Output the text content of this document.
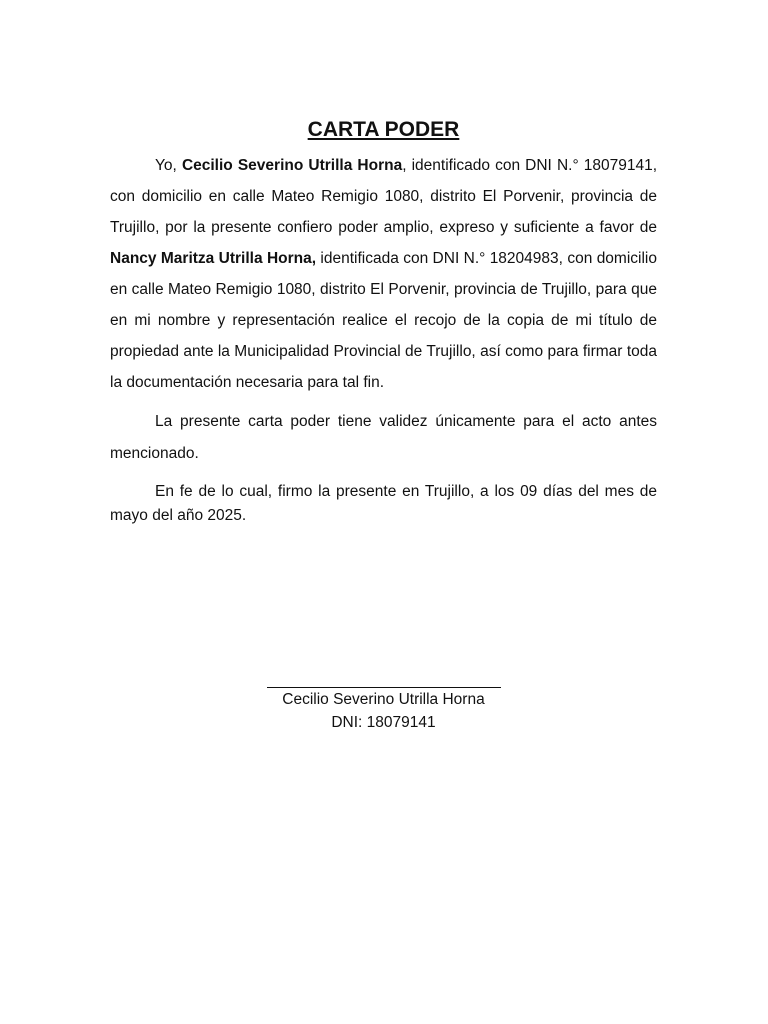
CARTA PODER

Yo, Cecilio Severino Utrilla Horna, identificado con DNI N.° 18079141, con domicilio en calle Mateo Remigio 1080, distrito El Porvenir, provincia de Trujillo, por la presente confiero poder amplio, expreso y suficiente a favor de Nancy Maritza Utrilla Horna, identificada con DNI N.° 18204983, con domicilio en calle Mateo Remigio 1080, distrito El Porvenir, provincia de Trujillo, para que en mi nombre y representación realice el recojo de la copia de mi título de propiedad ante la Municipalidad Provincial de Trujillo, así como para firmar toda la documentación necesaria para tal fin.

La presente carta poder tiene validez únicamente para el acto antes mencionado.

En fe de lo cual, firmo la presente en Trujillo, a los 09 días del mes de mayo del año 2025.

Cecilio Severino Utrilla Horna
DNI: 18079141
